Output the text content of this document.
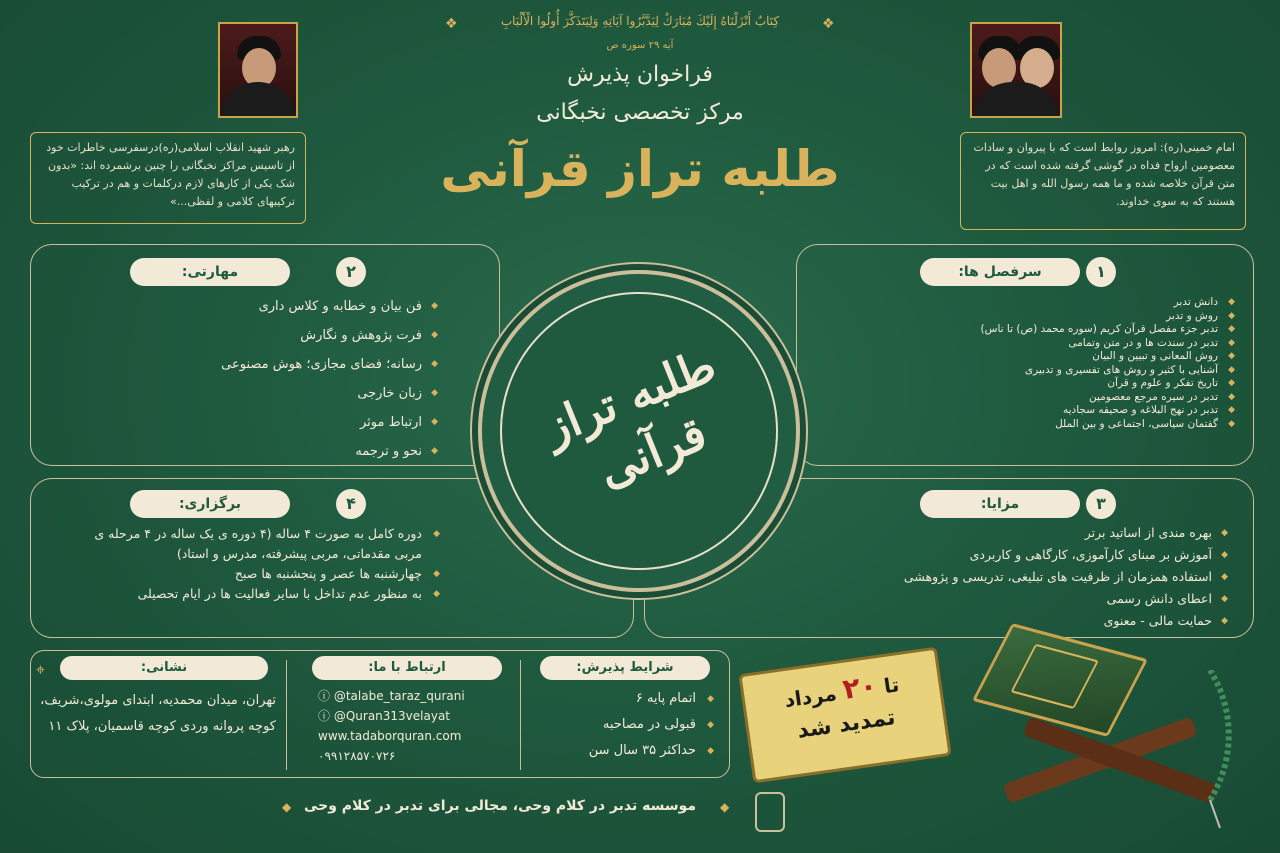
كِتَابٌ أَنْزَلْنَاهُ إِلَيْكَ مُبَارَكٌ لِيَدَّبَّرُوا آيَاتِهِ وَلِيَتَذَكَّرَ أُولُوا الْأَلْبَابِ
آیه ۲۹ سوره ص
❖
❖
فراخوان پذیرش
مرکز تخصصی نخبگانی
طلبه تراز قرآنی
رهبر شهید انقلاب اسلامی(ره)درسفرسی خاطرات خود از تاسیس مراکز نخبگانی را چنین برشمرده اند: «بدون شک یکی از کارهای لازم درکلمات و هم در ترکیب ترکیبهای کلامی و لفظی...»
امام خمینی(ره): امروز روابط است که با پیروان و سادات معصومین ارواح فداه در گوشی گرفته شده است که در متن قرآن خلاصه شده و ما همه رسول الله و اهل بیت هستند که به سوی خداوند.
مهارتی:	۲
◆ فن بیان و خطابه و کلاس داری
◆ فرت پژوهش و نگارش
◆ رسانه؛ فضای مجازی؛ هوش مصنوعی
◆ زبان خارجی
◆ ارتباط موثر
◆ نحو و ترجمه
۱
سرفصل ها:
◆ دانش تدبر
◆ روش و تدبر
◆ تدبر جزء مفصل قرآن کریم (سوره محمد (ص) تا ناس)
◆ تدبر در سندت ها و در متن وتمامی
◆ روش المعانی و تبیین و البیان
◆ آشنایی با کثیر و روش های تفسیری و تدبیری
◆ تاریخ تفکر و علوم و قرآن
◆ تدبر در سیره مرجع معصومین
◆ تدبر در نهج البلاغه و صحیفه سجادیه
◆ گفتمان سیاسی، اجتماعی و بین الملل
برگزاری:	۴
◆ دوره کامل به صورت ۴ ساله (۴ دوره ی یک ساله در ۴ مرحله ی مربی مقدماتی، مربی پیشرفته، مدرس و استاد)
◆ چهارشنبه ها عصر و پنجشنبه ها صبح
◆ به منظور عدم تداخل با سایر فعالیت ها در ایام تحصیلی
۳
مزایا:
◆ بهره مندی از اساتید برتر
◆ آموزش بر مبنای کارآموزی، کارگاهی و کاربردی
◆ استفاده همزمان از ظرفیت های تبلیغی، تدریسی و پژوهشی
◆ اعطای دانش رسمی
◆ حمایت مالی - معنوی
طلبه تراز قرآنی
⌖	نشانی:
تهران، میدان محمدیه، ابتدای مولوی،شریف، کوچه پروانه وردی کوچه قاسمیان، پلاک ۱۱
ارتباط با ما:
ⓘ @talabe_taraz_qurani
ⓘ @Quran313velayat
www.tadaborquran.com
۰۹۹۱۲۸۵۷۰۷۲۶
شرایط پذیرش:
◆ اتمام پایه ۶
◆ قبولی در مصاحبه
◆ حداکثر ۳۵ سال سن
تا ۲۰ مرداد
تمدید شد
◆ موسسه تدبر در کلام وحی، مجالی برای تدبر در کلام وحی	◆
